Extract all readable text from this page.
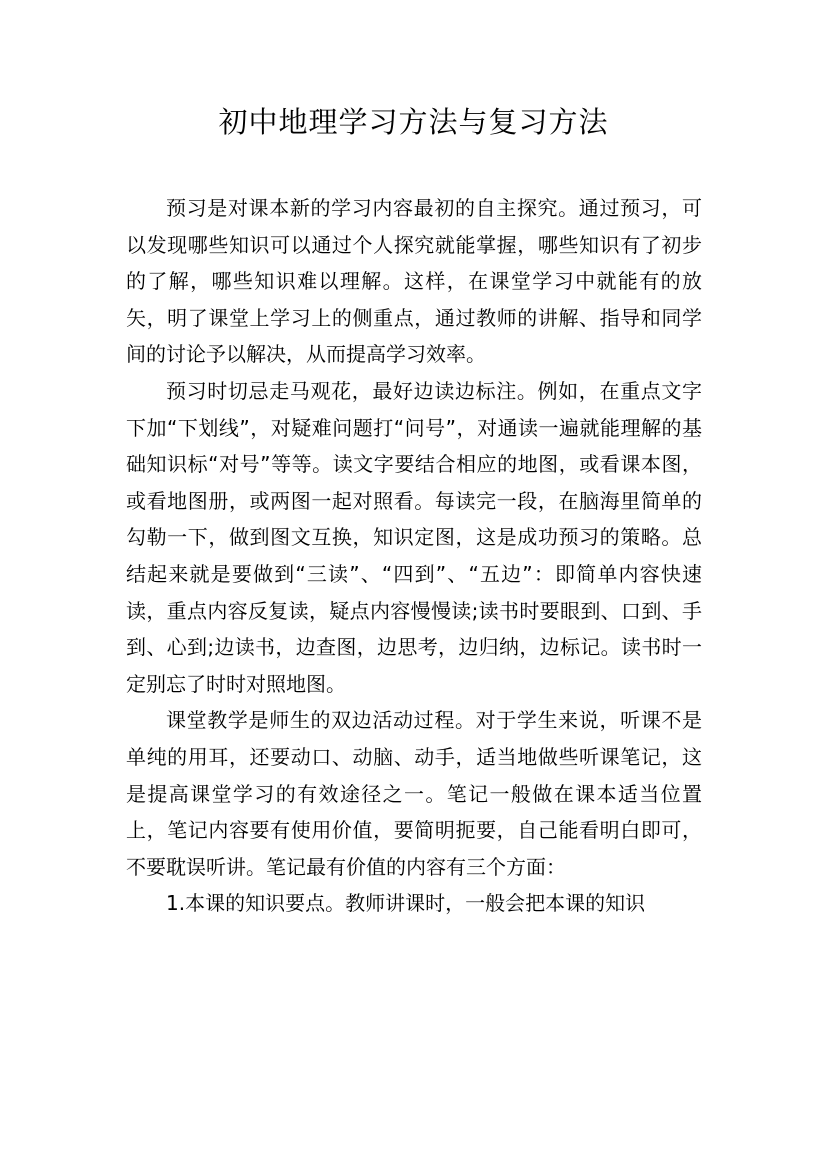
初中地理学习方法与复习方法

预习是对课本新的学习内容最初的自主探究。通过预习，可以发现哪些知识可以通过个人探究就能掌握，哪些知识有了初步的了解，哪些知识难以理解。这样，在课堂学习中就能有的放矢，明了课堂上学习上的侧重点，通过教师的讲解、指导和同学间的讨论予以解决，从而提高学习效率。

预习时切忌走马观花，最好边读边标注。例如，在重点文字下加“下划线”，对疑难问题打“问号”，对通读一遍就能理解的基础知识标“对号”等等。读文字要结合相应的地图，或看课本图，或看地图册，或两图一起对照看。每读完一段，在脑海里简单的勾勒一下，做到图文互换，知识定图，这是成功预习的策略。总结起来就是要做到“三读”、“四到”、“五边”：即简单内容快速读，重点内容反复读，疑点内容慢慢读;读书时要眼到、口到、手到、心到;边读书，边查图，边思考，边归纳，边标记。读书时一定别忘了时时对照地图。

课堂教学是师生的双边活动过程。对于学生来说，听课不是单纯的用耳，还要动口、动脑、动手，适当地做些听课笔记，这是提高课堂学习的有效途径之一。笔记一般做在课本适当位置上，笔记内容要有使用价值，要简明扼要，自己能看明白即可，不要耽误听讲。笔记最有价值的内容有三个方面：

1.本课的知识要点。教师讲课时，一般会把本课的知识
